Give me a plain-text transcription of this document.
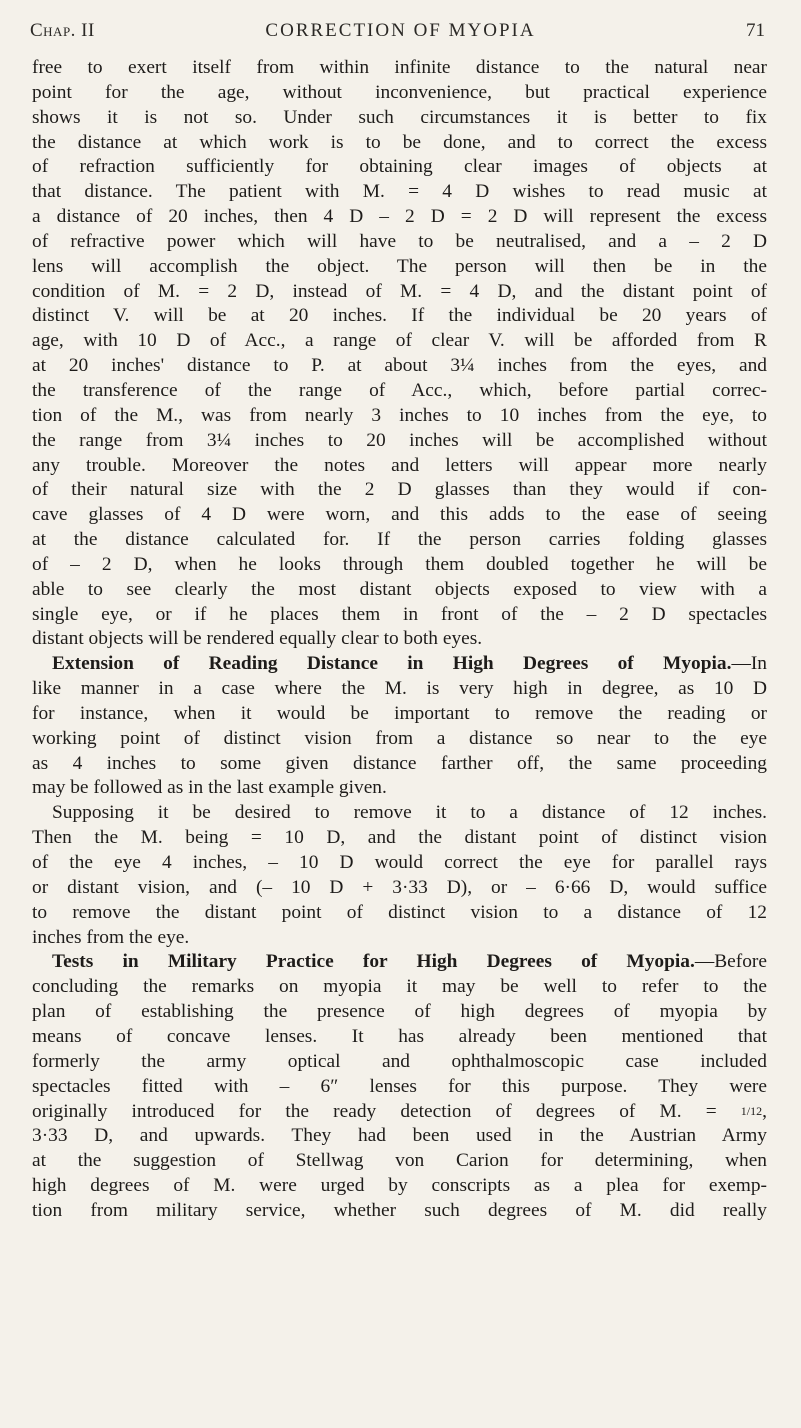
Chap. II	CORRECTION OF MYOPIA	71
free to exert itself from within infinite distance to the natural near
point for the age, without inconvenience, but practical experience
shows it is not so. Under such circumstances it is better to fix
the distance at which work is to be done, and to correct the excess
of refraction sufficiently for obtaining clear images of objects at
that distance. The patient with M. = 4 D wishes to read music at
a distance of 20 inches, then 4 D – 2 D = 2 D will represent the excess
of refractive power which will have to be neutralised, and a – 2 D
lens will accomplish the object. The person will then be in the
condition of M. = 2 D, instead of M. = 4 D, and the distant point of
distinct V. will be at 20 inches. If the individual be 20 years of
age, with 10 D of Acc., a range of clear V. will be afforded from R
at 20 inches' distance to P. at about 3¼ inches from the eyes, and
the transference of the range of Acc., which, before partial correc-
tion of the M., was from nearly 3 inches to 10 inches from the eye, to
the range from 3¼ inches to 20 inches will be accomplished without
any trouble. Moreover the notes and letters will appear more nearly
of their natural size with the 2 D glasses than they would if con-
cave glasses of 4 D were worn, and this adds to the ease of seeing
at the distance calculated for. If the person carries folding glasses
of – 2 D, when he looks through them doubled together he will be
able to see clearly the most distant objects exposed to view with a
single eye, or if he places them in front of the – 2 D spectacles
distant objects will be rendered equally clear to both eyes.
Extension of Reading Distance in High Degrees of Myopia.—In
like manner in a case where the M. is very high in degree, as 10 D
for instance, when it would be important to remove the reading or
working point of distinct vision from a distance so near to the eye
as 4 inches to some given distance farther off, the same proceeding
may be followed as in the last example given.
Supposing it be desired to remove it to a distance of 12 inches.
Then the M. being = 10 D, and the distant point of distinct vision
of the eye 4 inches, – 10 D would correct the eye for parallel rays
or distant vision, and (– 10 D + 3·33 D), or – 6·66 D, would suffice
to remove the distant point of distinct vision to a distance of 12
inches from the eye.
Tests in Military Practice for High Degrees of Myopia.—Before
concluding the remarks on myopia it may be well to refer to the
plan of establishing the presence of high degrees of myopia by
means of concave lenses. It has already been mentioned that
formerly the army optical and ophthalmoscopic case included
spectacles fitted with – 6″ lenses for this purpose. They were
originally introduced for the ready detection of degrees of M. = 1/12,
3·33 D, and upwards. They had been used in the Austrian Army
at the suggestion of Stellwag von Carion for determining, when
high degrees of M. were urged by conscripts as a plea for exemp-
tion from military service, whether such degrees of M. did really
